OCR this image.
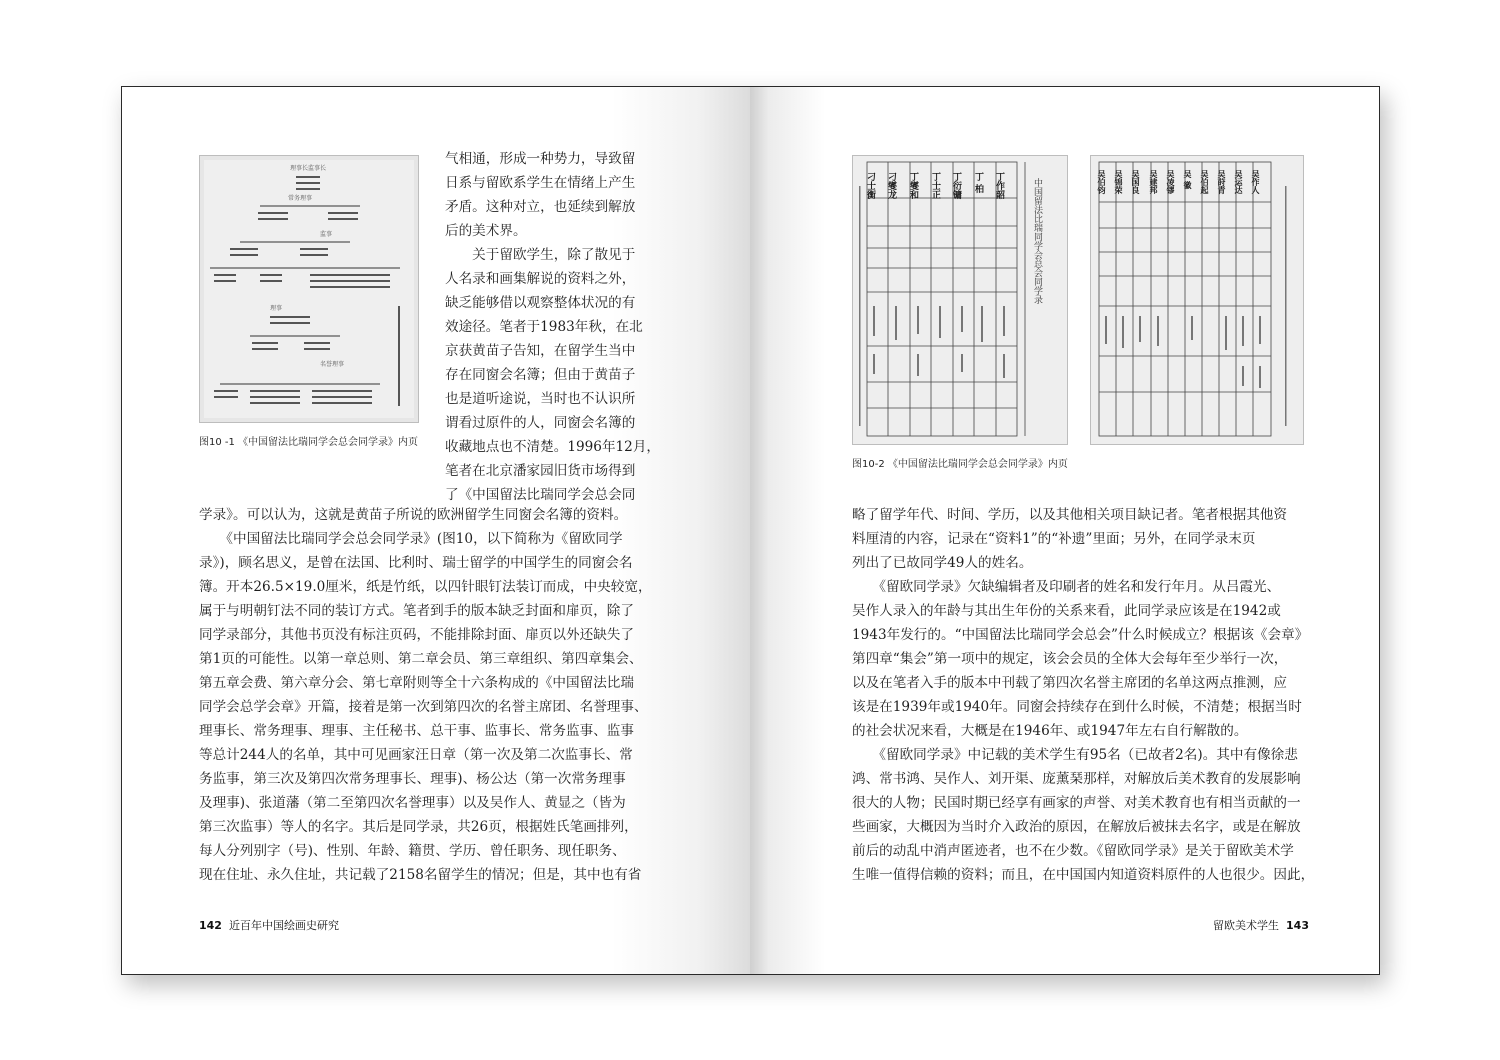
理事长监事长
常务理事
监事
理事
名誉理事
图10 -1 《中国留法比瑞同学会总会同学录》内页
气相通，形成一种势力，导致留
日系与留欧系学生在情绪上产生
矛盾。这种对立，也延续到解放
后的美术界。
　　关于留欧学生，除了散见于
人名录和画集解说的资料之外，
缺乏能够借以观察整体状况的有
效途径。笔者于1983年秋，在北
京获黄苗子告知，在留学生当中
存在同窗会名簿；但由于黄苗子
也是道听途说，当时也不认识所
谓看过原件的人，同窗会名簿的
收藏地点也不清楚。1996年12月，
笔者在北京潘家园旧货市场得到
了《中国留法比瑞同学会总会同
学录》。可以认为，这就是黄苗子所说的欧洲留学生同窗会名簿的资料。
　　《中国留法比瑞同学会总会同学录》(图10，以下简称为《留欧同学
录》)，顾名思义，是曾在法国、比利时、瑞士留学的中国学生的同窗会名
簿。开本26.5×19.0厘米，纸是竹纸，以四针眼钉法装订而成，中央较宽，
属于与明朝钉法不同的装订方式。笔者到手的版本缺乏封面和扉页，除了
同学录部分，其他书页没有标注页码，不能排除封面、扉页以外还缺失了
第1页的可能性。以第一章总则、第二章会员、第三章组织、第四章集会、
第五章会费、第六章分会、第七章附则等全十六条构成的《中国留法比瑞
同学会总学会章》开篇，接着是第一次到第四次的名誉主席团、名誉理事、
理事长、常务理事、理事、主任秘书、总干事、监事长、常务监事、监事
等总计244人的名单，其中可见画家汪日章（第一次及第二次监事长、常
务监事，第三次及第四次常务理事长、理事)、杨公达（第一次常务理事
及理事)、张道藩（第二至第四次名誉理事）以及吴作人、黄显之（皆为
第三次监事）等人的名字。其后是同学录，共26页，根据姓氏笔画排列，
每人分列别字（号)、性别、年龄、籍贯、学历、曾任职务、现任职务、
现在住址、永久住址，共记载了2158名留学生的情况；但是，其中也有省
142 近百年中国绘画史研究
刁士衡 刁燮龙 丁燮和 丁士正 丁衍镛 丁 柏 丁作韶	中国留法比瑞同学会总会同学录	吴伯钧 吴锦荣 吴国良 吴建邦 吴凌镠 吴 徽 吴伯起 吴莳青 吴运达 吴作人
图10-2 《中国留法比瑞同学会总会同学录》内页
略了留学年代、时间、学历，以及其他相关项目缺记者。笔者根据其他资
料厘清的内容，记录在“资料1”的“补遗”里面；另外，在同学录末页
列出了已故同学49人的姓名。
　　《留欧同学录》欠缺编辑者及印刷者的姓名和发行年月。从吕霞光、
吴作人录入的年龄与其出生年份的关系来看，此同学录应该是在1942或
1943年发行的。“中国留法比瑞同学会总会”什么时候成立？根据该《会章》
第四章“集会”第一项中的规定，该会会员的全体大会每年至少举行一次，
以及在笔者入手的版本中刊载了第四次名誉主席团的名单这两点推测，应
该是在1939年或1940年。同窗会持续存在到什么时候，不清楚；根据当时
的社会状况来看，大概是在1946年、或1947年左右自行解散的。
　　《留欧同学录》中记载的美术学生有95名（已故者2名)。其中有像徐悲
鸿、常书鸿、吴作人、刘开渠、庞薰琹那样，对解放后美术教育的发展影响
很大的人物；民国时期已经享有画家的声誉、对美术教育也有相当贡献的一
些画家，大概因为当时介入政治的原因，在解放后被抹去名字，或是在解放
前后的动乱中消声匿迹者，也不在少数。《留欧同学录》是关于留欧美术学
生唯一值得信赖的资料；而且，在中国国内知道资料原件的人也很少。因此，
留欧美术学生 143
